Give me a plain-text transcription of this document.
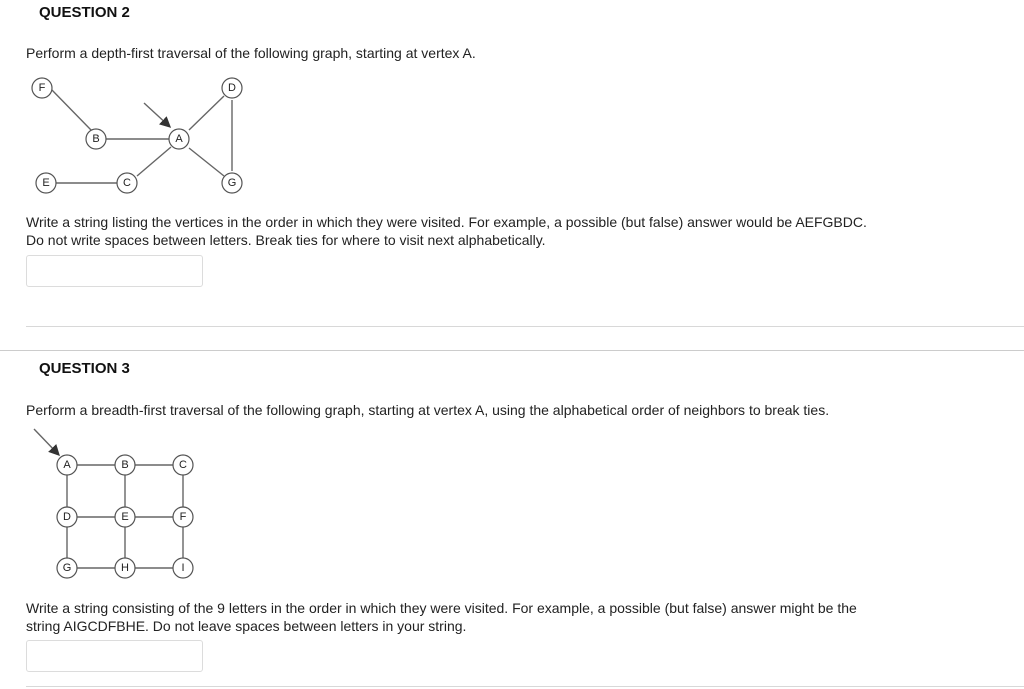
QUESTION 2
Perform a depth-first traversal of the following graph, starting at vertex A.
F	D
B	A
E	C	G
Write a string listing the vertices in the order in which they were visited. For example, a possible (but false) answer would be AEFGBDC.
Do not write spaces between letters. Break ties for where to visit next alphabetically.
QUESTION 3
Perform a breadth-first traversal of the following graph, starting at vertex A, using the alphabetical order of neighbors to break ties.
A	B	C
D	E	F
G	H	I
Write a string consisting of the 9 letters in the order in which they were visited. For example, a possible (but false) answer might be the
string AIGCDFBHE. Do not leave spaces between letters in your string.
